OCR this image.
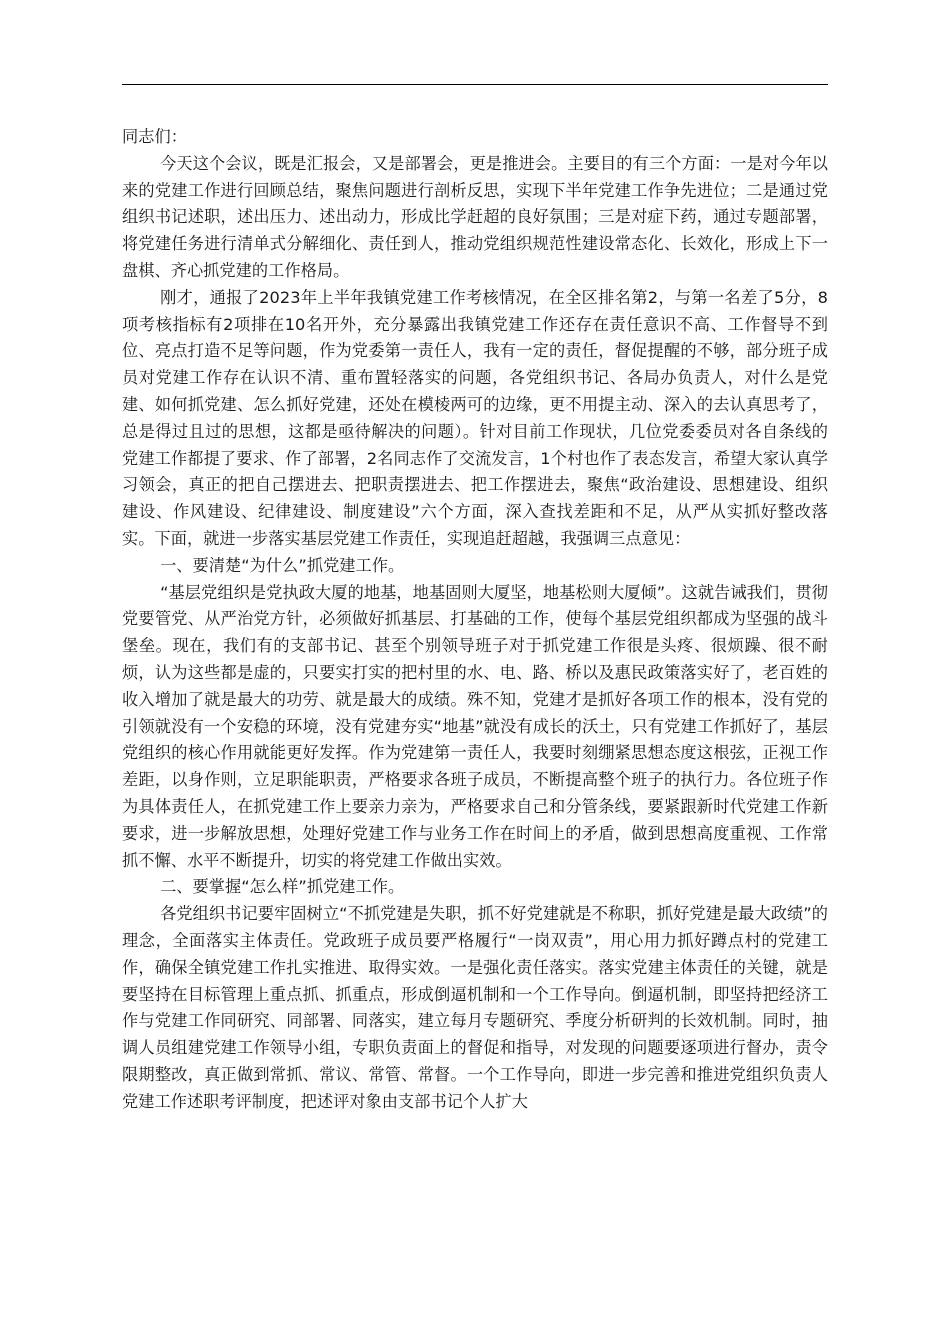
同志们：

今天这个会议，既是汇报会，又是部署会，更是推进会。主要目的有三个方面：一是对今年以来的党建工作进行回顾总结，聚焦问题进行剖析反思，实现下半年党建工作争先进位；二是通过党组织书记述职，述出压力、述出动力，形成比学赶超的良好氛围；三是对症下药，通过专题部署，将党建任务进行清单式分解细化、责任到人，推动党组织规范性建设常态化、长效化，形成上下一盘棋、齐心抓党建的工作格局。

刚才，通报了2023年上半年我镇党建工作考核情况，在全区排名第2，与第一名差了5分，8项考核指标有2项排在10名开外，充分暴露出我镇党建工作还存在责任意识不高、工作督导不到位、亮点打造不足等问题，作为党委第一责任人，我有一定的责任，督促提醒的不够，部分班子成员对党建工作存在认识不清、重布置轻落实的问题，各党组织书记、各局办负责人，对什么是党建、如何抓党建、怎么抓好党建，还处在模棱两可的边缘，更不用提主动、深入的去认真思考了，总是得过且过的思想，这都是亟待解决的问题）。针对目前工作现状，几位党委委员对各自条线的党建工作都提了要求、作了部署，2名同志作了交流发言，1个村也作了表态发言，希望大家认真学习领会，真正的把自己摆进去、把职责摆进去、把工作摆进去，聚焦“政治建设、思想建设、组织建设、作风建设、纪律建设、制度建设”六个方面，深入查找差距和不足，从严从实抓好整改落实。下面，就进一步落实基层党建工作责任，实现追赶超越，我强调三点意见：

一、要清楚“为什么”抓党建工作。

“基层党组织是党执政大厦的地基，地基固则大厦坚，地基松则大厦倾”。这就告诫我们，贯彻党要管党、从严治党方针，必须做好抓基层、打基础的工作，使每个基层党组织都成为坚强的战斗堡垒。现在，我们有的支部书记、甚至个别领导班子对于抓党建工作很是头疼、很烦躁、很不耐烦，认为这些都是虚的，只要实打实的把村里的水、电、路、桥以及惠民政策落实好了，老百姓的收入增加了就是最大的功劳、就是最大的成绩。殊不知，党建才是抓好各项工作的根本，没有党的引领就没有一个安稳的环境，没有党建夯实“地基”就没有成长的沃土，只有党建工作抓好了，基层党组织的核心作用就能更好发挥。作为党建第一责任人，我要时刻绷紧思想态度这根弦，正视工作差距，以身作则，立足职能职责，严格要求各班子成员，不断提高整个班子的执行力。各位班子作为具体责任人，在抓党建工作上要亲力亲为，严格要求自己和分管条线，要紧跟新时代党建工作新要求，进一步解放思想，处理好党建工作与业务工作在时间上的矛盾，做到思想高度重视、工作常抓不懈、水平不断提升，切实的将党建工作做出实效。

二、要掌握“怎么样”抓党建工作。

各党组织书记要牢固树立“不抓党建是失职，抓不好党建就是不称职，抓好党建是最大政绩”的理念，全面落实主体责任。党政班子成员要严格履行“一岗双责”，用心用力抓好蹲点村的党建工作，确保全镇党建工作扎实推进、取得实效。一是强化责任落实。落实党建主体责任的关键，就是要坚持在目标管理上重点抓、抓重点，形成倒逼机制和一个工作导向。倒逼机制，即坚持把经济工作与党建工作同研究、同部署、同落实，建立每月专题研究、季度分析研判的长效机制。同时，抽调人员组建党建工作领导小组，专职负责面上的督促和指导，对发现的问题要逐项进行督办，责令限期整改，真正做到常抓、常议、常管、常督。一个工作导向，即进一步完善和推进党组织负责人党建工作述职考评制度，把述评对象由支部书记个人扩大
